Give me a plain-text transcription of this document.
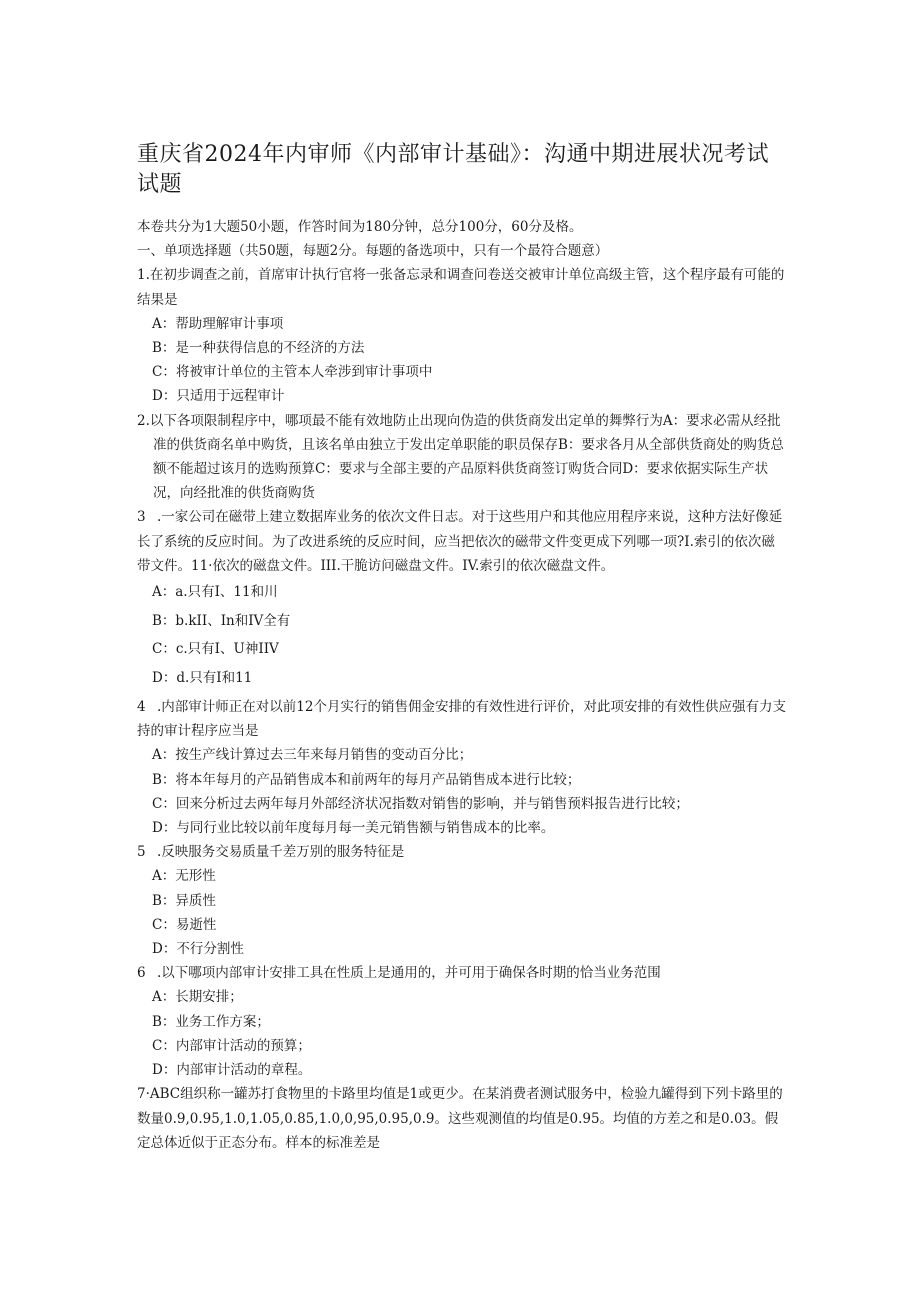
重庆省2024年内审师《内部审计基础》：沟通中期进展状况考试试题

本卷共分为1大题50小题，作答时间为180分钟，总分100分，60分及格。

一、单项选择题（共50题，每题2分。每题的备选项中，只有一个最符合题意）

1.在初步调查之前，首席审计执行官将一张备忘录和调查问卷送交被审计单位高级主管，这个程序最有可能的结果是

A：帮助理解审计事项

B：是一种获得信息的不经济的方法

C：将被审计单位的主管本人牵涉到审计事项中

D：只适用于远程审计

2.以下各项限制程序中，哪项最不能有效地防止出现向伪造的供货商发出定单的舞弊行为A：要求必需从经批准的供货商名单中购货，且该名单由独立于发出定单职能的职员保存B：要求各月从全部供货商处的购货总额不能超过该月的选购预算C：要求与全部主要的产品原料供货商签订购货合同D：要求依据实际生产状况，向经批准的供货商购货

3 .一家公司在磁带上建立数据库业务的依次文件日志。对于这些用户和其他应用程序来说，这种方法好像延长了系统的反应时间。为了改进系统的反应时间，应当把依次的磁带文件变更成下列哪一项?I.索引的依次磁带文件。11·依次的磁盘文件。III.干脆访问磁盘文件。IV.索引的依次磁盘文件。

A：a.只有I、11和川

B：b.kII、In和IV全有

C：c.只有I、U神IIV

D：d.只有I和11

4 .内部审计师正在对以前12个月实行的销售佣金安排的有效性进行评价，对此项安排的有效性供应强有力支持的审计程序应当是

A：按生产线计算过去三年来每月销售的变动百分比；

B：将本年每月的产品销售成本和前两年的每月产品销售成本进行比较；

C：回来分析过去两年每月外部经济状况指数对销售的影响，并与销售预料报告进行比较；

D：与同行业比较以前年度每月每一美元销售额与销售成本的比率。

5 .反映服务交易质量千差万别的服务特征是

A：无形性

B：异质性

C：易逝性

D：不行分割性

6 .以下哪项内部审计安排工具在性质上是通用的，并可用于确保各时期的恰当业务范围

A：长期安排；

B：业务工作方案；

C：内部审计活动的预算；

D：内部审计活动的章程。

7·ABC组织称一罐苏打食物里的卡路里均值是1或更少。在某消费者测试服务中，检验九罐得到下列卡路里的数量0.9,0.95,1.0,1.05,0.85,1.0,0,95,0.95,0.9。这些观测值的均值是0.95。均值的方差之和是0.03。假定总体近似于正态分布。样本的标准差是
